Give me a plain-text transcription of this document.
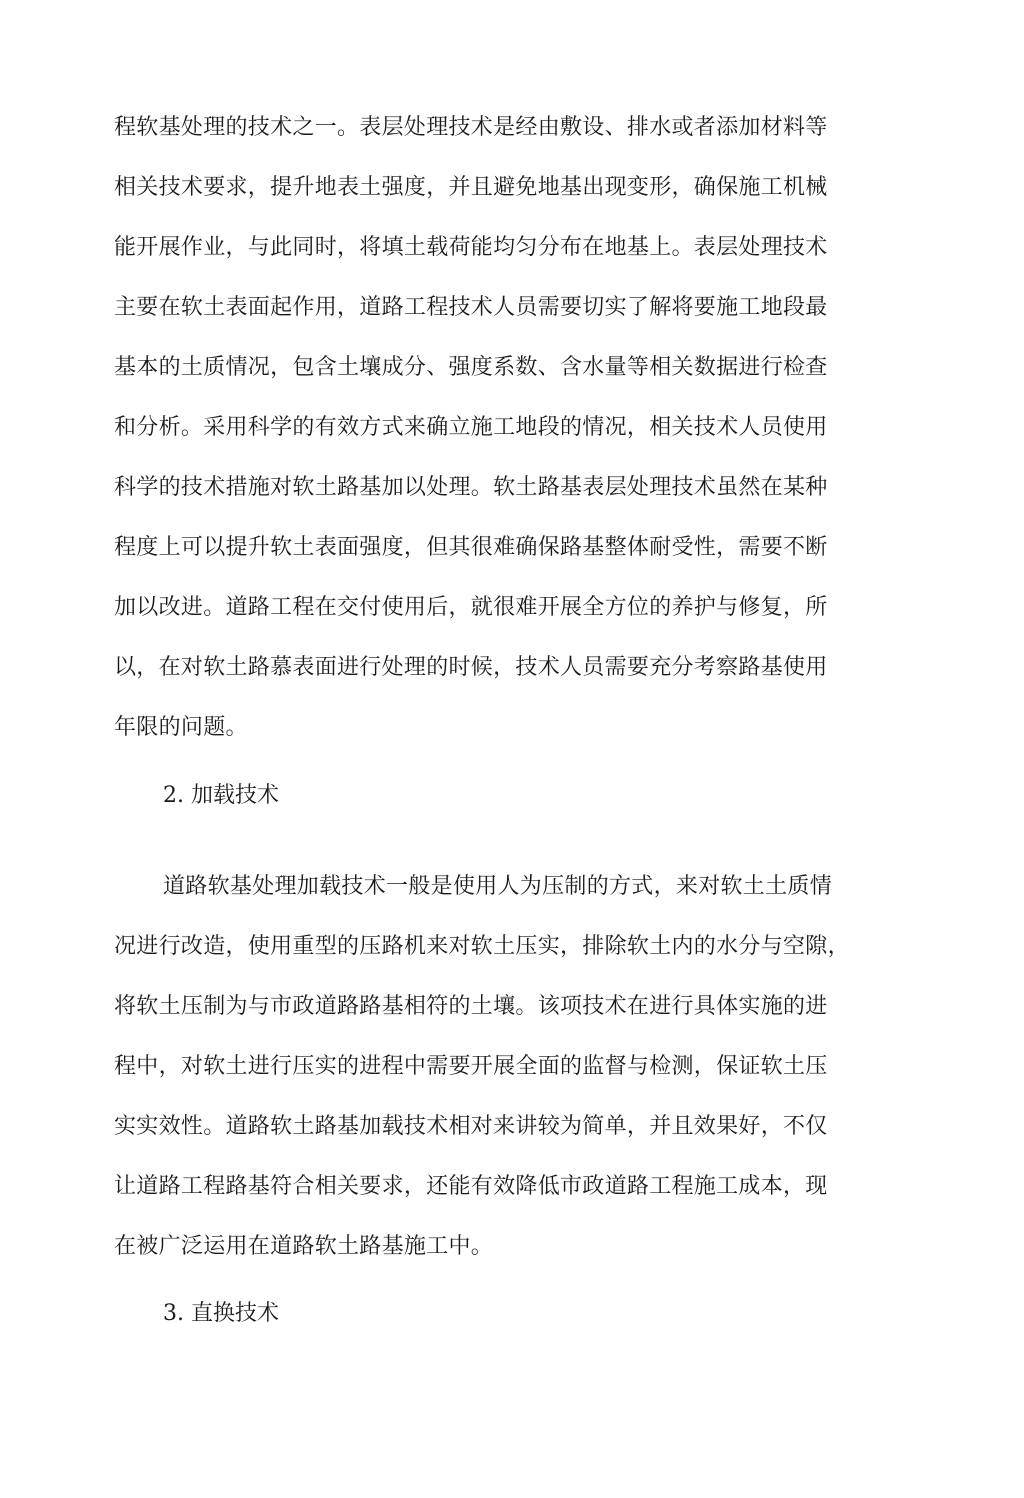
程软基处理的技术之一。表层处理技术是经由敷设、排水或者添加材料等
相关技术要求，提升地表土强度，并且避免地基出现变形，确保施工机械
能开展作业，与此同时，将填土载荷能均匀分布在地基上。表层处理技术
主要在软土表面起作用，道路工程技术人员需要切实了解将要施工地段最
基本的土质情况，包含土壤成分、强度系数、含水量等相关数据进行检查
和分析。采用科学的有效方式来确立施工地段的情况，相关技术人员使用
科学的技术措施对软土路基加以处理。软土路基表层处理技术虽然在某种
程度上可以提升软土表面强度，但其很难确保路基整体耐受性，需要不断
加以改进。道路工程在交付使用后，就很难开展全方位的养护与修复，所
以，在对软土路慕表面进行处理的时候，技术人员需要充分考察路基使用
年限的问题。
2. 加载技术
道路软基处理加载技术一般是使用人为压制的方式，来对软土土质情
况进行改造，使用重型的压路机来对软土压实，排除软土内的水分与空隙，
将软土压制为与市政道路路基相符的土壤。该项技术在进行具体实施的进
程中，对软土进行压实的进程中需要开展全面的监督与检测，保证软土压
实实效性。道路软土路基加载技术相对来讲较为简单，并且效果好，不仅
让道路工程路基符合相关要求，还能有效降低市政道路工程施工成本，现
在被广泛运用在道路软土路基施工中。
3. 直换技术
